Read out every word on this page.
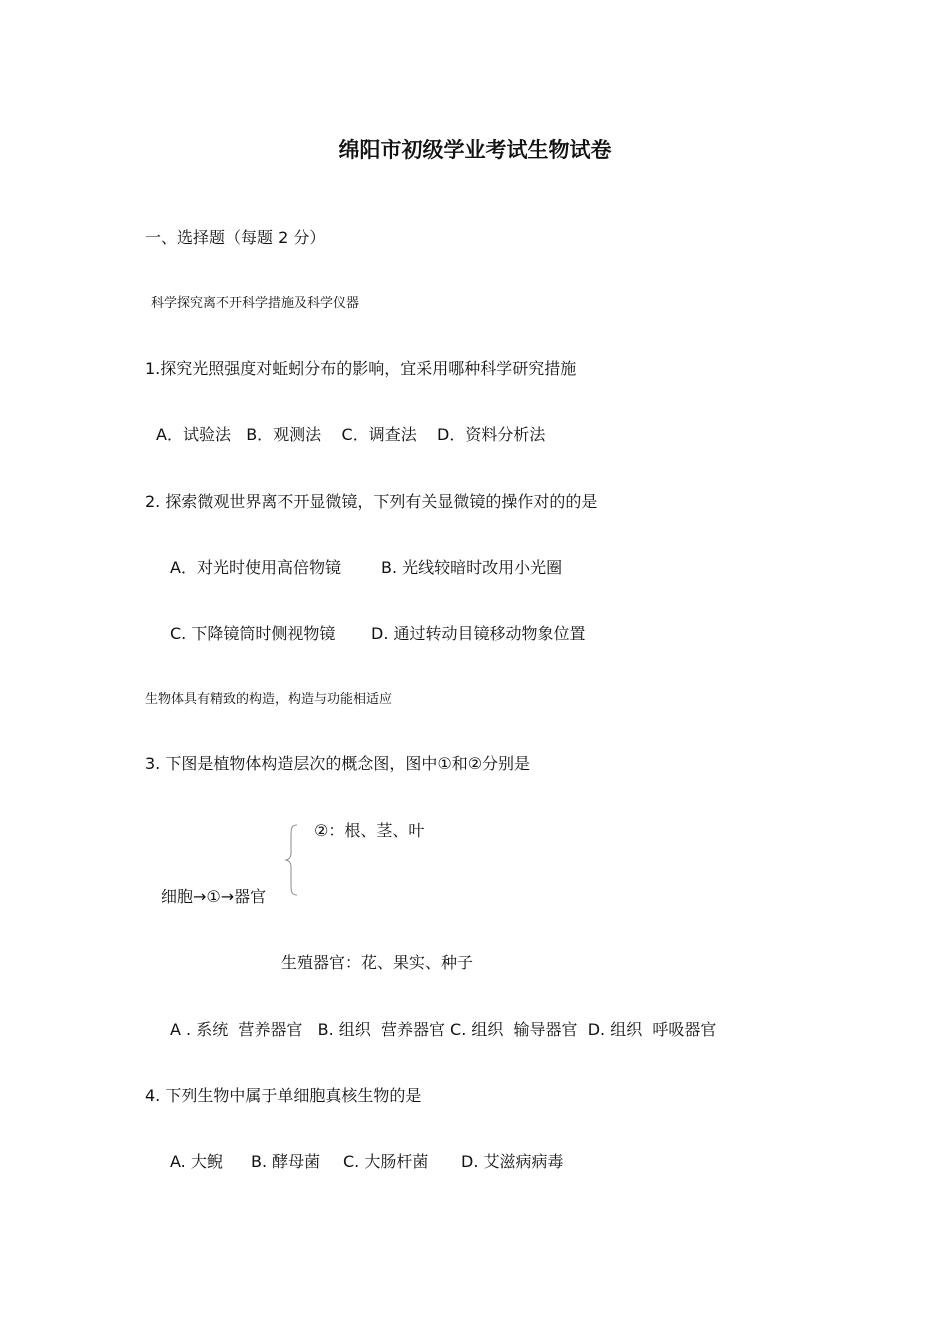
绵阳市初级学业考试生物试卷
一、选择题（每题 2 分）
科学探究离不开科学措施及科学仪器
1.探究光照强度对蚯蚓分布的影响，宜采用哪种科学研究措施
A．试验法   B．观测法    C．调查法    D．资料分析法
2. 探索微观世界离不开显微镜，下列有关显微镜的操作对的的是
A．对光时使用高倍物镜	B. 光线较暗时改用小光圈
C. 下降镜筒时侧视物镜 D. 通过转动目镜移动物象位置
生物体具有精致的构造，构造与功能相适应
3. 下图是植物体构造层次的概念图，图中①和②分别是
②：根、茎、叶
细胞→①→器官
生殖器官：花、果实、种子
A . 系统  营养器官   B. 组织  营养器官 C. 组织  输导器官  D. 组织  呼吸器官
4. 下列生物中属于单细胞真核生物的是
A. 大鲵 B. 酵母菌 C. 大肠杆菌 D. 艾滋病病毒
